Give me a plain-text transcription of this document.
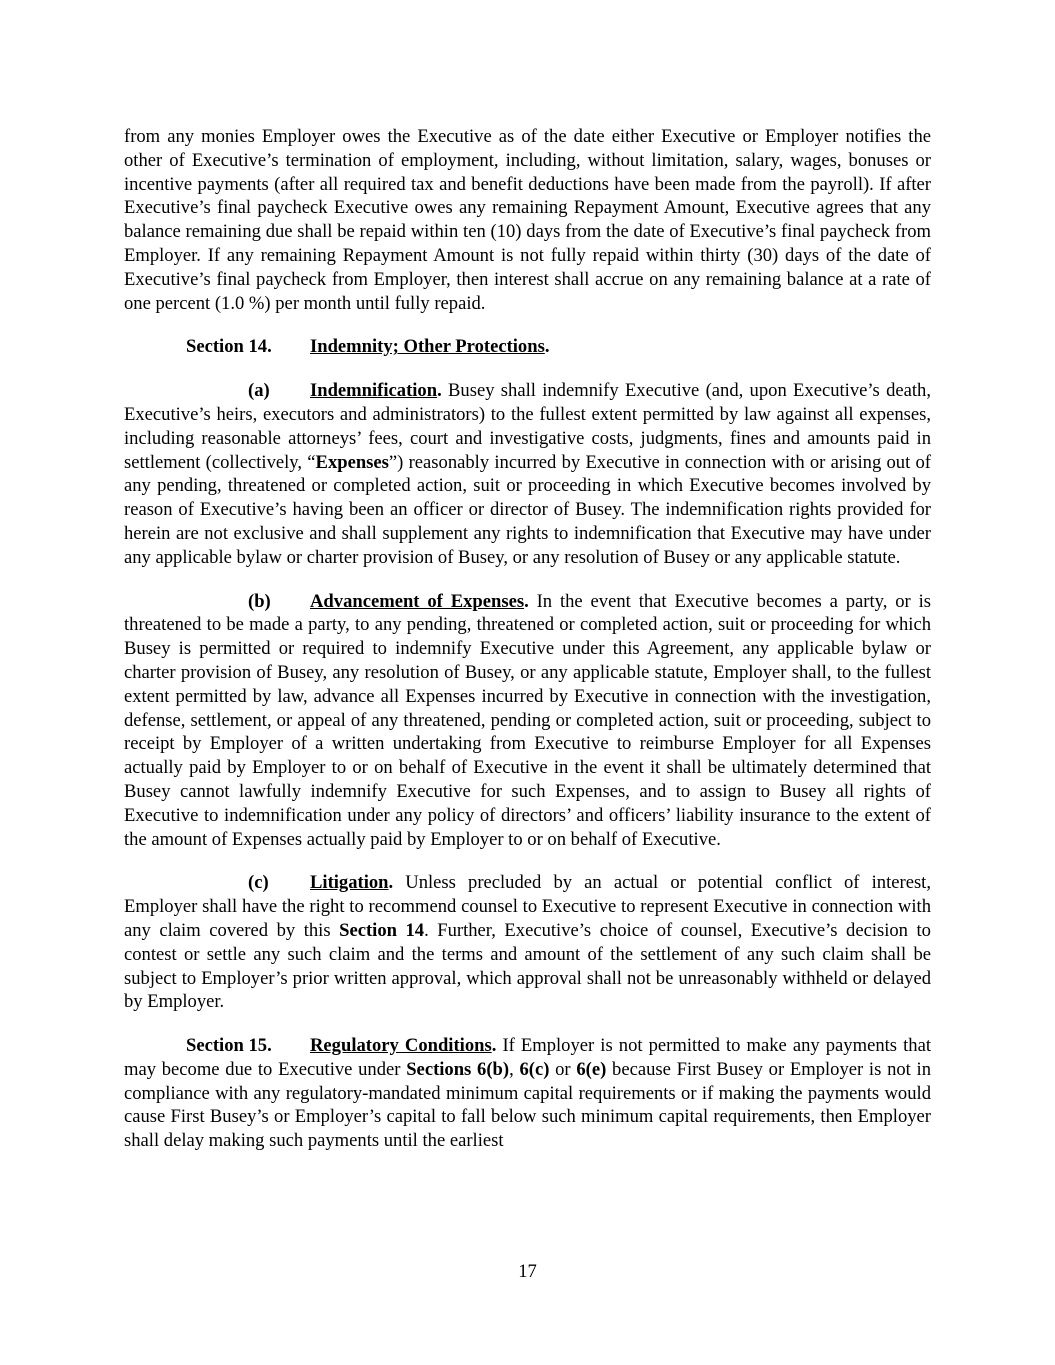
from any monies Employer owes the Executive as of the date either Executive or Employer notifies the other of Executive’s termination of employment, including, without limitation, salary, wages, bonuses or incentive payments (after all required tax and benefit deductions have been made from the payroll). If after Executive’s final paycheck Executive owes any remaining Repayment Amount, Executive agrees that any balance remaining due shall be repaid within ten (10) days from the date of Executive’s final paycheck from Employer. If any remaining Repayment Amount is not fully repaid within thirty (30) days of the date of Executive’s final paycheck from Employer, then interest shall accrue on any remaining balance at a rate of one percent (1.0 %) per month until fully repaid.

Section 14. Indemnity; Other Protections.

(a) Indemnification. Busey shall indemnify Executive (and, upon Executive’s death, Executive’s heirs, executors and administrators) to the fullest extent permitted by law against all expenses, including reasonable attorneys’ fees, court and investigative costs, judgments, fines and amounts paid in settlement (collectively, “Expenses”) reasonably incurred by Executive in connection with or arising out of any pending, threatened or completed action, suit or proceeding in which Executive becomes involved by reason of Executive’s having been an officer or director of Busey. The indemnification rights provided for herein are not exclusive and shall supplement any rights to indemnification that Executive may have under any applicable bylaw or charter provision of Busey, or any resolution of Busey or any applicable statute.

(b) Advancement of Expenses. In the event that Executive becomes a party, or is threatened to be made a party, to any pending, threatened or completed action, suit or proceeding for which Busey is permitted or required to indemnify Executive under this Agreement, any applicable bylaw or charter provision of Busey, any resolution of Busey, or any applicable statute, Employer shall, to the fullest extent permitted by law, advance all Expenses incurred by Executive in connection with the investigation, defense, settlement, or appeal of any threatened, pending or completed action, suit or proceeding, subject to receipt by Employer of a written undertaking from Executive to reimburse Employer for all Expenses actually paid by Employer to or on behalf of Executive in the event it shall be ultimately determined that Busey cannot lawfully indemnify Executive for such Expenses, and to assign to Busey all rights of Executive to indemnification under any policy of directors’ and officers’ liability insurance to the extent of the amount of Expenses actually paid by Employer to or on behalf of Executive.

(c) Litigation. Unless precluded by an actual or potential conflict of interest, Employer shall have the right to recommend counsel to Executive to represent Executive in connection with any claim covered by this Section 14. Further, Executive’s choice of counsel, Executive’s decision to contest or settle any such claim and the terms and amount of the settlement of any such claim shall be subject to Employer’s prior written approval, which approval shall not be unreasonably withheld or delayed by Employer.

Section 15. Regulatory Conditions. If Employer is not permitted to make any payments that may become due to Executive under Sections 6(b), 6(c) or 6(e) because First Busey or Employer is not in compliance with any regulatory-mandated minimum capital requirements or if making the payments would cause First Busey’s or Employer’s capital to fall below such minimum capital requirements, then Employer shall delay making such payments until the earliest

17
